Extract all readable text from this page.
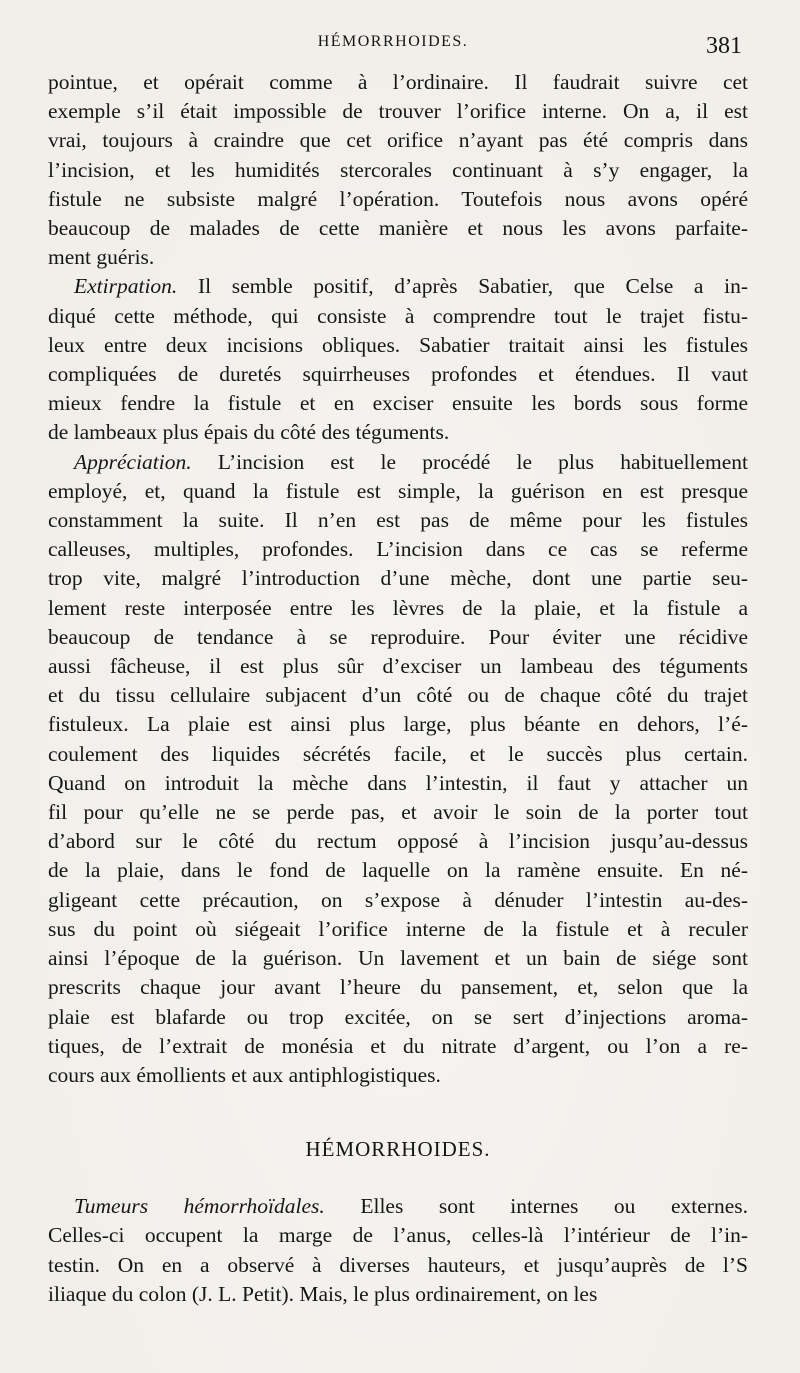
HÉMORRHOIDES.	381
pointue, et opérait comme à l’ordinaire. Il faudrait suivre cet
exemple s’il était impossible de trouver l’orifice interne. On a, il est
vrai, toujours à craindre que cet orifice n’ayant pas été compris dans
l’incision, et les humidités stercorales continuant à s’y engager, la
fistule ne subsiste malgré l’opération. Toutefois nous avons opéré
beaucoup de malades de cette manière et nous les avons parfaite-
ment guéris.
Extirpation. Il semble positif, d’après Sabatier, que Celse a in-
diqué cette méthode, qui consiste à comprendre tout le trajet fistu-
leux entre deux incisions obliques. Sabatier traitait ainsi les fistules
compliquées de duretés squirrheuses profondes et étendues. Il vaut
mieux fendre la fistule et en exciser ensuite les bords sous forme
de lambeaux plus épais du côté des téguments.
Appréciation. L’incision est le procédé le plus habituellement
employé, et, quand la fistule est simple, la guérison en est presque
constamment la suite. Il n’en est pas de même pour les fistules
calleuses, multiples, profondes. L’incision dans ce cas se referme
trop vite, malgré l’introduction d’une mèche, dont une partie seu-
lement reste interposée entre les lèvres de la plaie, et la fistule a
beaucoup de tendance à se reproduire. Pour éviter une récidive
aussi fâcheuse, il est plus sûr d’exciser un lambeau des téguments
et du tissu cellulaire subjacent d’un côté ou de chaque côté du trajet
fistuleux. La plaie est ainsi plus large, plus béante en dehors, l’é-
coulement des liquides sécrétés facile, et le succès plus certain.
Quand on introduit la mèche dans l’intestin, il faut y attacher un
fil pour qu’elle ne se perde pas, et avoir le soin de la porter tout
d’abord sur le côté du rectum opposé à l’incision jusqu’au-dessus
de la plaie, dans le fond de laquelle on la ramène ensuite. En né-
gligeant cette précaution, on s’expose à dénuder l’intestin au-des-
sus du point où siégeait l’orifice interne de la fistule et à reculer
ainsi l’époque de la guérison. Un lavement et un bain de siége sont
prescrits chaque jour avant l’heure du pansement, et, selon que la
plaie est blafarde ou trop excitée, on se sert d’injections aroma-
tiques, de l’extrait de monésia et du nitrate d’argent, ou l’on a re-
cours aux émollients et aux antiphlogistiques.
HÉMORRHOIDES.
Tumeurs hémorrhoïdales. Elles sont internes ou externes.
Celles-ci occupent la marge de l’anus, celles-là l’intérieur de l’in-
testin. On en a observé à diverses hauteurs, et jusqu’auprès de l’S
iliaque du colon (J. L. Petit). Mais, le plus ordinairement, on les
